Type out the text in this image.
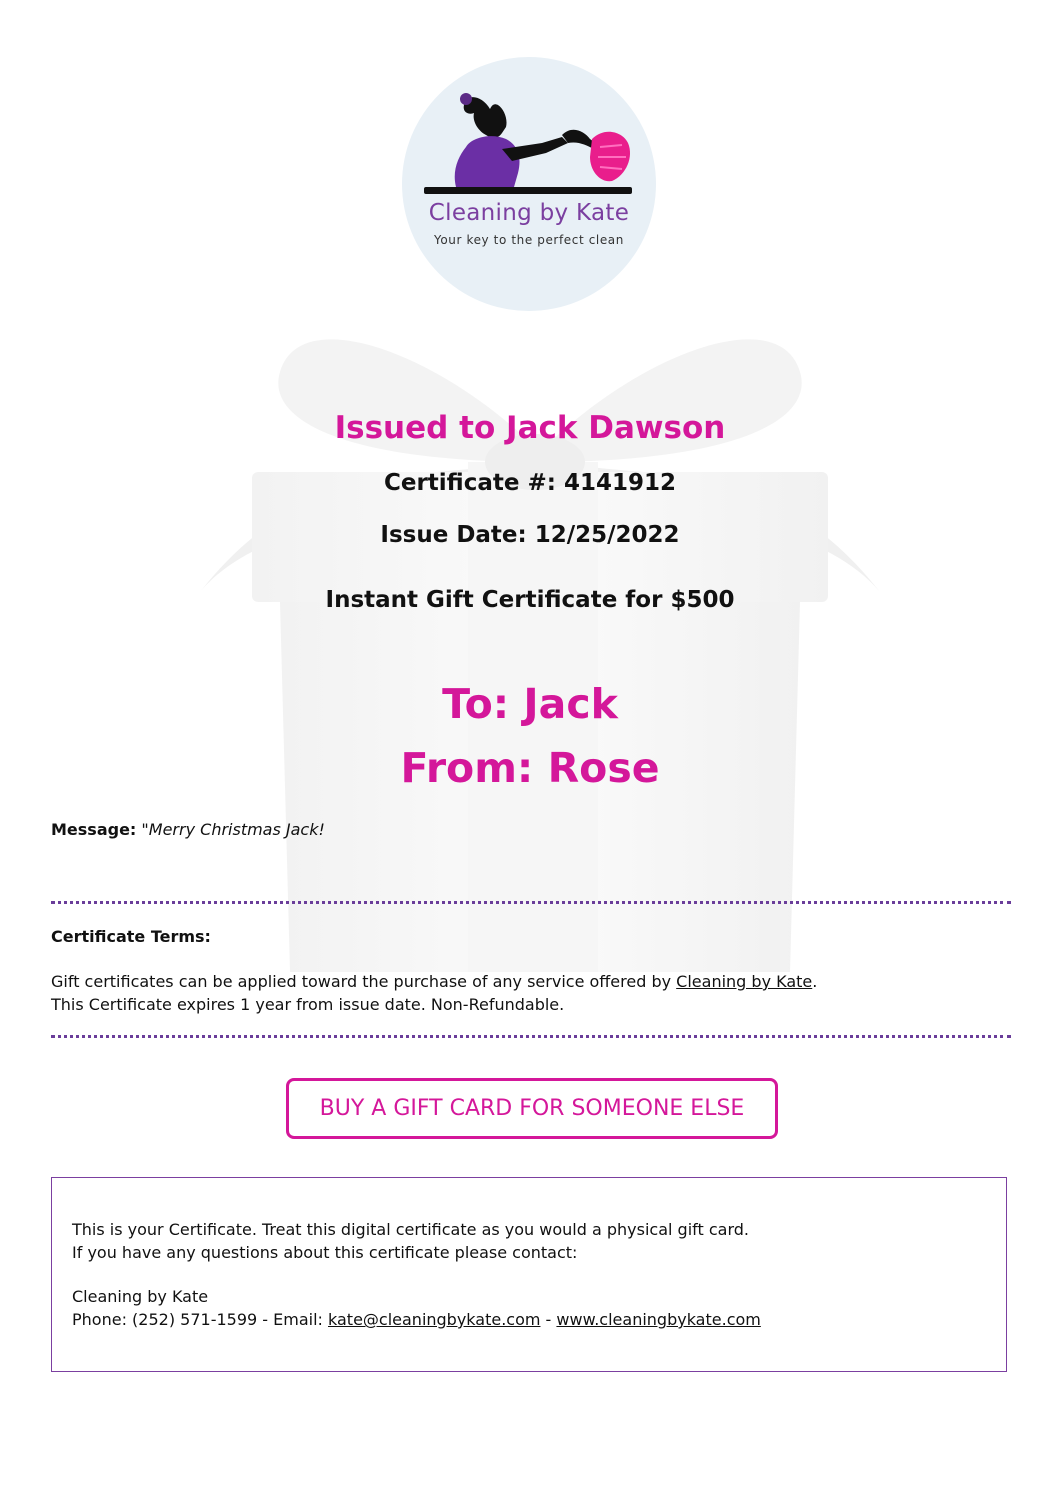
Cleaning by Kate
Your key to the perfect clean
Issued to Jack Dawson
Certificate #: 4141912
Issue Date: 12/25/2022
Instant Gift Certificate for $500
To: Jack
From: Rose
Message: "Merry Christmas Jack!
Certificate Terms:
Gift certificates can be applied toward the purchase of any service offered by Cleaning by Kate.
This Certificate expires 1 year from issue date. Non-Refundable.
BUY A GIFT CARD FOR SOMEONE ELSE

This is your Certificate. Treat this digital certificate as you would a physical gift card.

If you have any questions about this certificate please contact:

Cleaning by Kate

Phone: (252) 571-1599 - Email: kate@cleaningbykate.com - www.cleaningbykate.com
